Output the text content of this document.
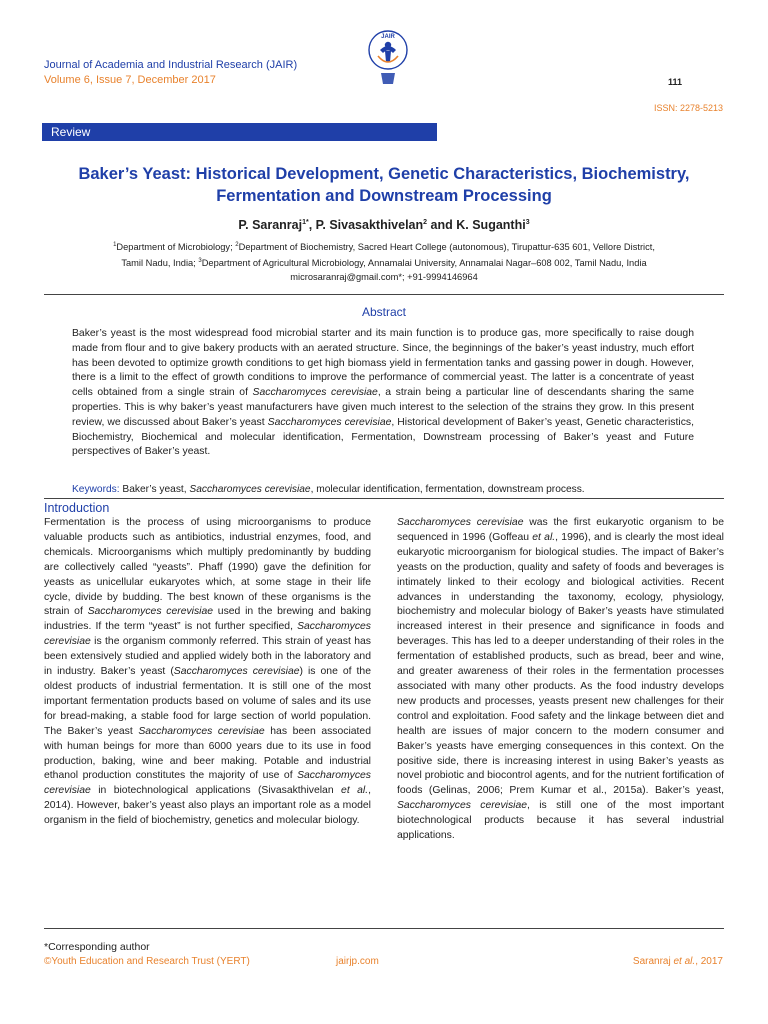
Journal of Academia and Industrial Research (JAIR)
Volume 6, Issue 7, December 2017
JAIR
111
ISSN: 2278-5213
Review
Baker’s Yeast: Historical Development, Genetic Characteristics, Biochemistry,
Fermentation and Downstream Processing
P. Saranraj$^{1*}$, P. Sivasakthivelan$^2$ and K. Suganthi$^3$
$^1$Department of Microbiology; $^2$Department of Biochemistry, Sacred Heart College (autonomous), Tirupattur-635 601, Vellore District,
Tamil Nadu, India; $^3$Department of Agricultural Microbiology, Annamalai University, Annamalai Nagar–608 002, Tamil Nadu, India
microsaranraj@gmail.com*; +91-9994146964
Abstract
Baker’s yeast is the most widespread food microbial starter and its main function is to produce gas, more specifically to raise dough made from flour and to give bakery products with an aerated structure. Since, the beginnings of the baker’s yeast industry, much effort has been devoted to optimize growth conditions to get high biomass yield in fermentation tanks and gassing power in dough. However, there is a limit to the effect of growth conditions to improve the performance of commercial yeast. The latter is a concentrate of yeast cells obtained from a single strain of Saccharomyces cerevisiae, a strain being a particular line of descendants sharing the same properties. This is why baker’s yeast manufacturers have given much interest to the selection of the strains they grow. In this present review, we discussed about Baker’s yeast Saccharomyces cerevisiae, Historical development of Baker’s yeast, Genetic characteristics, Biochemistry, Biochemical and molecular identification, Fermentation, Downstream processing of Baker’s yeast and Future perspectives of Baker’s yeast.
Keywords: Baker’s yeast, Saccharomyces cerevisiae, molecular identification, fermentation, downstream process.
Introduction
Fermentation is the process of using microorganisms to produce valuable products such as antibiotics, industrial enzymes, food, and chemicals. Microorganisms which multiply predominantly by budding are collectively called “yeasts”. Phaff (1990) gave the definition for yeasts as unicellular eukaryotes which, at some stage in their life cycle, divide by budding. The best known of these organisms is the strain of Saccharomyces cerevisiae used in the brewing and baking industries. If the term “yeast” is not further specified, Saccharomyces cerevisiae is the organism commonly referred. This strain of yeast has been extensively studied and applied widely both in the laboratory and in industry. Baker’s yeast (Saccharomyces cerevisiae) is one of the oldest products of industrial fermentation. It is still one of the most important fermentation products based on volume of sales and its use for bread-making, a stable food for large section of world population. The Baker’s yeast Saccharomyces cerevisiae has been associated with human beings for more than 6000 years due to its use in food production, baking, wine and beer making. Potable and industrial ethanol production constitutes the majority of use of Saccharomyces cerevisiae in biotechnological applications (Sivasakthivelan et al., 2014). However, baker’s yeast also plays an important role as a model organism in the field of biochemistry, genetics and molecular biology.
Saccharomyces cerevisiae was the first eukaryotic organism to be sequenced in 1996 (Goffeau et al., 1996), and is clearly the most ideal eukaryotic microorganism for biological studies. The impact of Baker’s yeasts on the production, quality and safety of foods and beverages is intimately linked to their ecology and biological activities. Recent advances in understanding the taxonomy, ecology, physiology, biochemistry and molecular biology of Baker’s yeasts have stimulated increased interest in their presence and significance in foods and beverages. This has led to a deeper understanding of their roles in the fermentation of established products, such as bread, beer and wine, and greater awareness of their roles in the fermentation processes associated with many other products. As the food industry develops new products and processes, yeasts present new challenges for their control and exploitation. Food safety and the linkage between diet and health are issues of major concern to the modern consumer and Baker’s yeasts have emerging consequences in this context. On the positive side, there is increasing interest in using Baker’s yeasts as novel probiotic and biocontrol agents, and for the nutrient fortification of foods (Gelinas, 2006; Prem Kumar et al., 2015a). Baker’s yeast, Saccharomyces cerevisiae, is still one of the most important biotechnological products because it has several industrial applications.
*Corresponding author
©Youth Education and Research Trust (YERT)	jairjp.com	Saranraj et al., 2017
